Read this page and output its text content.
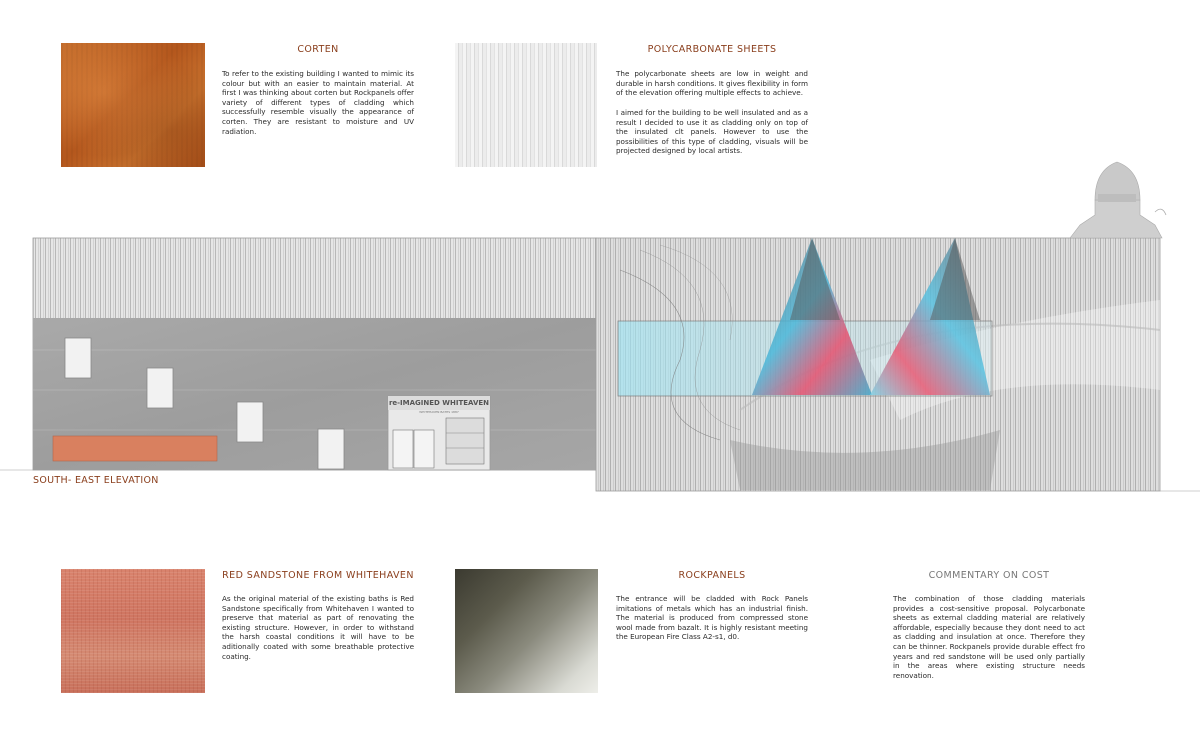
CORTEN
To refer to the existing building I wanted to mimic its colour but with an easier to maintain material. At first I was thinking about corten but Rockpanels offer variety of different types of cladding which successfully resemble visually the appearance of corten. They are resistant to moisture and UV radiation.
POLYCARBONATE SHEETS
The polycarbonate sheets are low in weight and durable in harsh conditions. It gives flexibility in form of the elevation offering multiple effects to achieve.
I aimed for the building to be well insulated and as a result I decided to use it as cladding only on top of the insulated clt panels. However to use the possibilities of this type of cladding, visuals will be projected designed by local artists.
RED SANDSTONE FROM WHITEHAVEN
As the original material of the existing baths is Red Sandstone specifically from Whitehaven I wanted to preserve that material as part of renovating the existing structure. However, in order to withstand the harsh coastal conditions it will have to be aditionally coated with some breathable protective coating.
ROCKPANELS
The entrance will be cladded with Rock Panels imitations of metals which has an industrial finish. The material is produced from compressed stone wool made from bazalt. It is highly resistant meeting the European Fire Class A2-s1, d0.
COMMENTARY ON COST
The combination of those cladding materials provides a cost-sensitive proposal. Polycarbonate sheets as external cladding material are relatively affordable, especially because they dont need to act as cladding and insulation at once. Therefore they can be thinner. Rockpanels provide durable effect fro years and red sandstone will be used only partially in the areas where existing structure needs renovation.
re-IMAGINED WHITEAVEN
WHITEHAVEN BATHS 1887
SOUTH- EAST ELEVATION
